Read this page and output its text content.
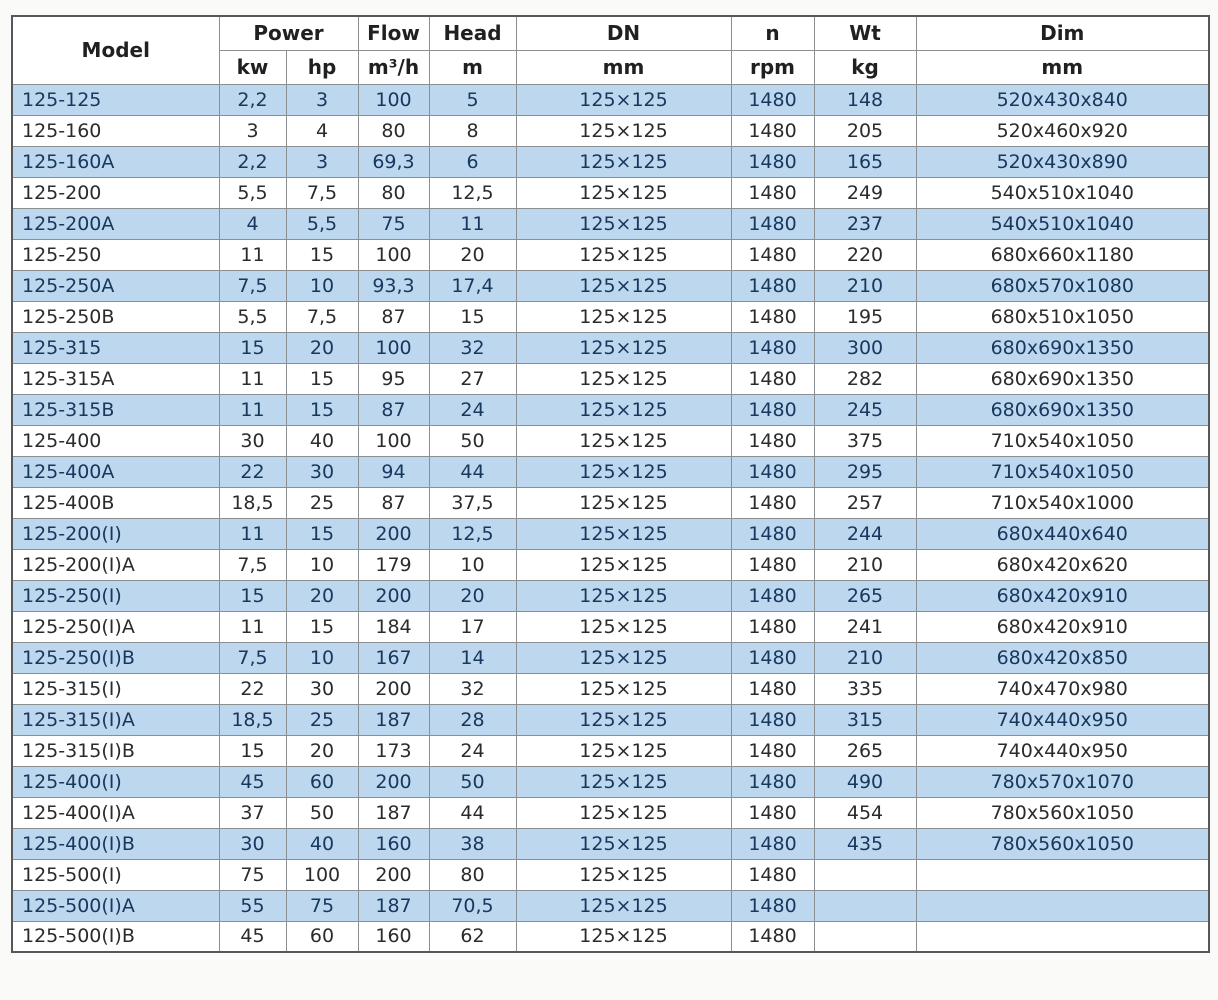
Model	Power		Flow	Head	DN	n	Wt	Dim
	kw	hp	m³/h	m	mm	rpm	kg	mm
125-125	2,2	3	100	5	125×125	1480	148	520x430x840
125-160	3	4	80	8	125×125	1480	205	520x460x920
125-160A	2,2	3	69,3	6	125×125	1480	165	520x430x890
125-200	5,5	7,5	80	12,5	125×125	1480	249	540x510x1040
125-200A	4	5,5	75	11	125×125	1480	237	540x510x1040
125-250	11	15	100	20	125×125	1480	220	680x660x1180
125-250A	7,5	10	93,3	17,4	125×125	1480	210	680x570x1080
125-250B	5,5	7,5	87	15	125×125	1480	195	680x510x1050
125-315	15	20	100	32	125×125	1480	300	680x690x1350
125-315A	11	15	95	27	125×125	1480	282	680x690x1350
125-315B	11	15	87	24	125×125	1480	245	680x690x1350
125-400	30	40	100	50	125×125	1480	375	710x540x1050
125-400A	22	30	94	44	125×125	1480	295	710x540x1050
125-400B	18,5	25	87	37,5	125×125	1480	257	710x540x1000
125-200(I)	11	15	200	12,5	125×125	1480	244	680x440x640
125-200(I)A	7,5	10	179	10	125×125	1480	210	680x420x620
125-250(I)	15	20	200	20	125×125	1480	265	680x420x910
125-250(I)A	11	15	184	17	125×125	1480	241	680x420x910
125-250(I)B	7,5	10	167	14	125×125	1480	210	680x420x850
125-315(I)	22	30	200	32	125×125	1480	335	740x470x980
125-315(I)A	18,5	25	187	28	125×125	1480	315	740x440x950
125-315(I)B	15	20	173	24	125×125	1480	265	740x440x950
125-400(I)	45	60	200	50	125×125	1480	490	780x570x1070
125-400(I)A	37	50	187	44	125×125	1480	454	780x560x1050
125-400(I)B	30	40	160	38	125×125	1480	435	780x560x1050
125-500(I)	75	100	200	80	125×125	1480		
125-500(I)A	55	75	187	70,5	125×125	1480		
125-500(I)B	45	60	160	62	125×125	1480		
